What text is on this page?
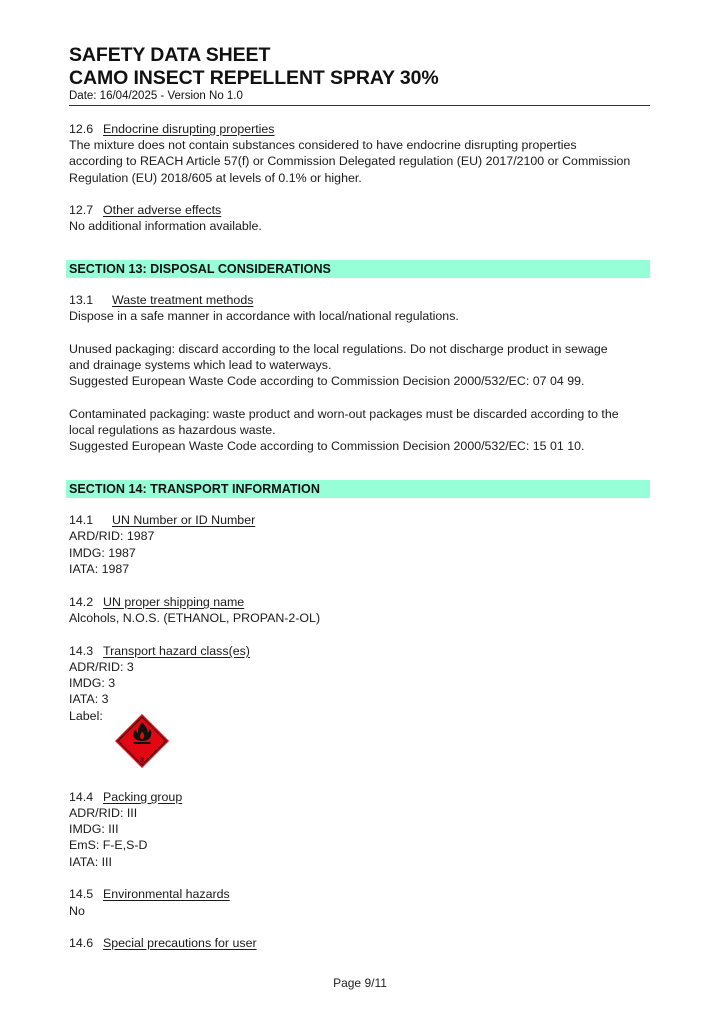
SAFETY DATA SHEET
CAMO INSECT REPELLENT SPRAY 30%
Date: 16/04/2025 - Version No 1.0
12.6 Endocrine disrupting properties
The mixture does not contain substances considered to have endocrine disrupting properties
according to REACH Article 57(f) or Commission Delegated regulation (EU) 2017/2100 or Commission
Regulation (EU) 2018/605 at levels of 0.1% or higher.
12.7 Other adverse effects
No additional information available.
SECTION 13: DISPOSAL CONSIDERATIONS
13.1 Waste treatment methods
Dispose in a safe manner in accordance with local/national regulations.
Unused packaging: discard according to the local regulations. Do not discharge product in sewage
and drainage systems which lead to waterways.
Suggested European Waste Code according to Commission Decision 2000/532/EC: 07 04 99.
Contaminated packaging: waste product and worn-out packages must be discarded according to the
local regulations as hazardous waste.
Suggested European Waste Code according to Commission Decision 2000/532/EC: 15 01 10.
SECTION 14: TRANSPORT INFORMATION
14.1 UN Number or ID Number
ARD/RID: 1987
IMDG: 1987
IATA: 1987
14.2 UN proper shipping name
Alcohols, N.O.S. (ETHANOL, PROPAN-2-OL)
14.3 Transport hazard class(es)
ADR/RID: 3
IMDG: 3
IATA: 3
Label:
3
14.4 Packing group
ADR/RID: III
IMDG: III
EmS: F-E,S-D
IATA: III
14.5 Environmental hazards
No
14.6 Special precautions for user
Page 9/11
